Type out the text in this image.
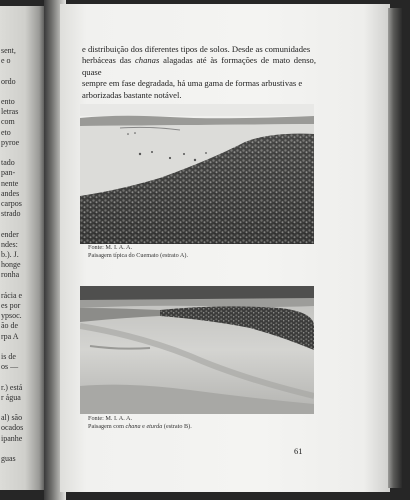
sent,
e o
ordo
ento
letras
com
eto
pyroe
tado
pan-
nente
andes
carpos
strado
ender
ndes:
b.). J.
honge
ronha
rácia e
es por
ypsoc.
ão de
rpa A
is de
os —
r.) está
r água
al) são
ocados
ipanhe
guas
e distribuição dos diferentes tipos de solos. Desde as comunidades
herbáceas das chanas alagadas até às formações de mato denso, quase
sempre em fase degradada, há uma gama de formas arbustivas e
arborizadas bastante notável.
Fonte: M. I. A. A.
Paisagem típica do Cuemato (estrato A).
Fonte: M. I. A. A.
Paisagem com chana e eturda (estrato B).
61
